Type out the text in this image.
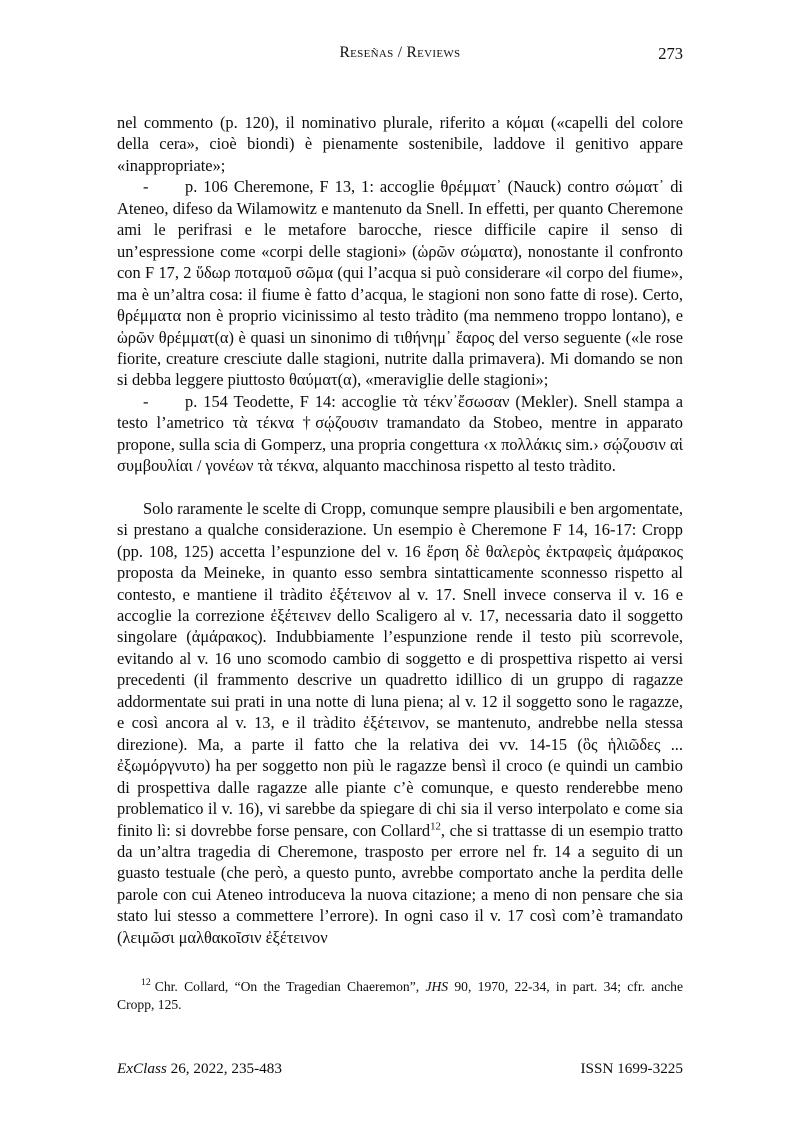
Reseñas / Reviews	273

nel commento (p. 120), il nominativo plurale, riferito a κόμαι («capelli del colore della cera», cioè biondi) è pienamente sostenibile, laddove il genitivo appare «inappropriate»;

- p. 106 Cheremone, F 13, 1: accoglie θρέμματ᾽ (Nauck) contro σώματ᾽ di Ateneo, difeso da Wilamowitz e mantenuto da Snell. In effetti, per quanto Cheremone ami le perifrasi e le metafore barocche, riesce difficile capire il senso di un’espressione come «corpi delle stagioni» (ὡρῶν σώματα), nonostante il confronto con F 17, 2 ὕδωρ ποταμοῦ σῶμα (qui l’acqua si può considerare «il corpo del fiume», ma è un’altra cosa: il fiume è fatto d’acqua, le stagioni non sono fatte di rose). Certo, θρέμματα non è proprio vicinissimo al testo tràdito (ma nemmeno troppo lontano), e ὡρῶν θρέμματ(α) è quasi un sinonimo di τιθήνημ᾽ ἔαρος del verso seguente («le rose fiorite, creature cresciute dalle stagioni, nutrite dalla primavera). Mi domando se non si debba leggere piuttosto θαύματ(α), «meraviglie delle stagioni»;

- p. 154 Teodette, F 14: accoglie τὰ τέκν᾽ἔσωσαν (Mekler). Snell stampa a testo l’ametrico τὰ τέκνα †σῴζουσιν tramandato da Stobeo, mentre in apparato propone, sulla scia di Gomperz, una propria congettura ‹x πολλάκις sim.› σῴζουσιν αἱ συμβουλίαι / γονέων τὰ τέκνα, alquanto macchinosa rispetto al testo tràdito.

Solo raramente le scelte di Cropp, comunque sempre plausibili e ben argomentate, si prestano a qualche considerazione. Un esempio è Cheremone F 14, 16-17: Cropp (pp. 108, 125) accetta l’espunzione del v. 16 ἕρση δὲ θαλερὸς ἐκτραφεὶς ἀμάρακος proposta da Meineke, in quanto esso sembra sintatticamente sconnesso rispetto al contesto, e mantiene il tràdito ἐξέτεινον al v. 17. Snell invece conserva il v. 16 e accoglie la correzione ἐξέτεινεν dello Scaligero al v. 17, necessaria dato il soggetto singolare (ἀμάρακος). Indubbiamente l’espunzione rende il testo più scorrevole, evitando al v. 16 uno scomodo cambio di soggetto e di prospettiva rispetto ai versi precedenti (il frammento descrive un quadretto idillico di un gruppo di ragazze addormentate sui prati in una notte di luna piena; al v. 12 il soggetto sono le ragazze, e così ancora al v. 13, e il tràdito ἐξέτεινον, se mantenuto, andrebbe nella stessa direzione). Ma, a parte il fatto che la relativa dei vv. 14-15 (ὃς ἡλιῶδες ... ἐξωμόργνυτο) ha per soggetto non più le ragazze bensì il croco (e quindi un cambio di prospettiva dalle ragazze alle piante c’è comunque, e questo renderebbe meno problematico il v. 16), vi sarebbe da spiegare di chi sia il verso interpolato e come sia finito lì: si dovrebbe forse pensare, con Collard$^{12}$, che si trattasse di un esempio tratto da un’altra tragedia di Cheremone, trasposto per errore nel fr. 14 a seguito di un guasto testuale (che però, a questo punto, avrebbe comportato anche la perdita delle parole con cui Ateneo introduceva la nuova citazione; a meno di non pensare che sia stato lui stesso a commettere l’errore). In ogni caso il v. 17 così com’è tramandato (λειμῶσι μαλθακοῖσιν ἐξέτεινον

$^{12}$ Chr. Collard, “On the Tragedian Chaeremon”, JHS 90, 1970, 22-34, in part. 34; cfr. anche Cropp, 125.

ExClass 26, 2022, 235-483	ISSN 1699-3225
